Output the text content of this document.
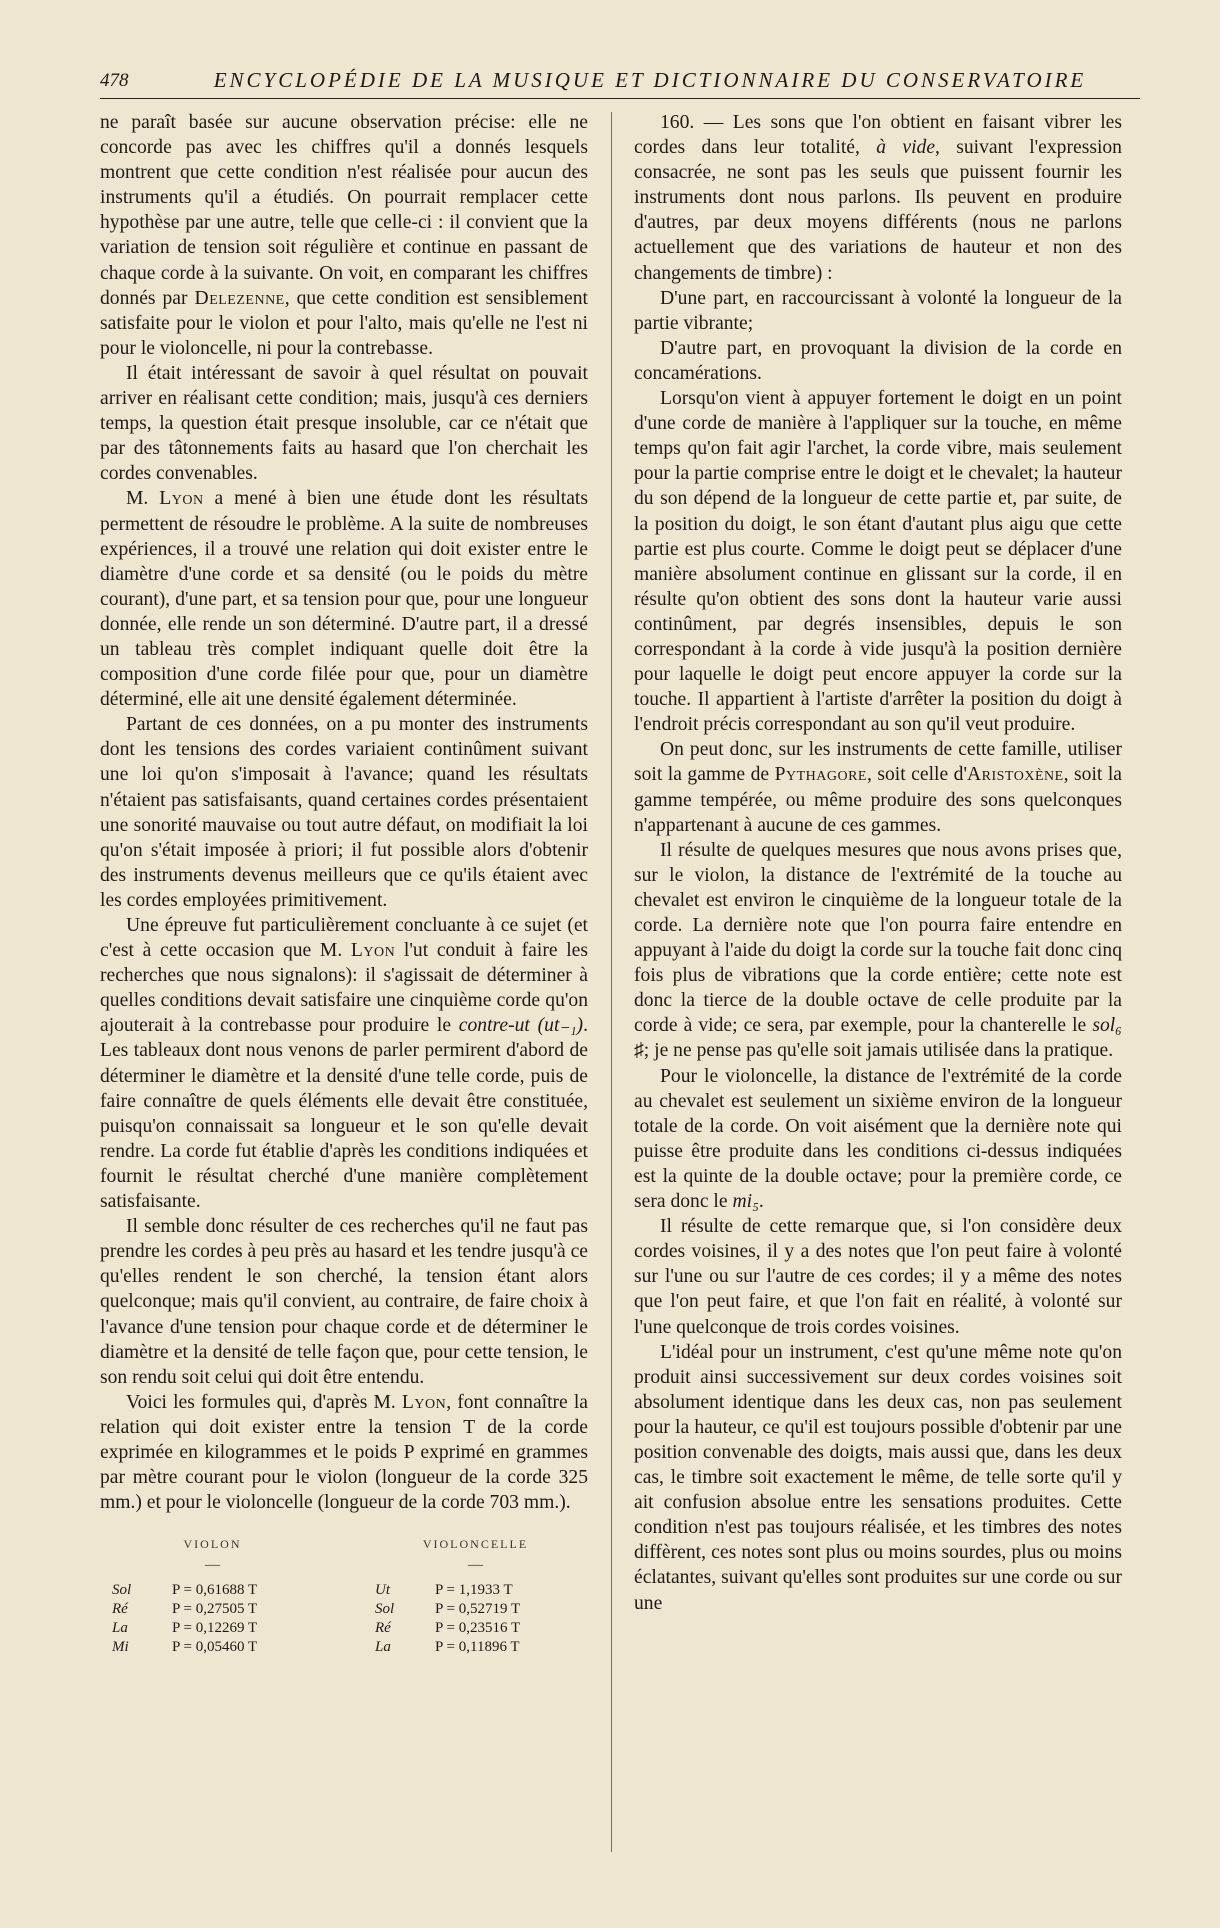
478	ENCYCLOPÉDIE DE LA MUSIQUE ET DICTIONNAIRE DU CONSERVATOIRE

ne paraît basée sur aucune observation précise: elle ne concorde pas avec les chiffres qu'il a donnés lesquels montrent que cette condition n'est réalisée pour aucun des instruments qu'il a étudiés. On pourrait remplacer cette hypothèse par une autre, telle que celle-ci : il convient que la variation de tension soit régulière et continue en passant de chaque corde à la suivante. On voit, en comparant les chiffres donnés par Delezenne, que cette condition est sensiblement satisfaite pour le violon et pour l'alto, mais qu'elle ne l'est ni pour le violoncelle, ni pour la contrebasse.

Il était intéressant de savoir à quel résultat on pouvait arriver en réalisant cette condition; mais, jusqu'à ces derniers temps, la question était presque insoluble, car ce n'était que par des tâtonnements faits au hasard que l'on cherchait les cordes convenables.

M. Lyon a mené à bien une étude dont les résultats permettent de résoudre le problème. A la suite de nombreuses expériences, il a trouvé une relation qui doit exister entre le diamètre d'une corde et sa densité (ou le poids du mètre courant), d'une part, et sa tension pour que, pour une longueur donnée, elle rende un son déterminé. D'autre part, il a dressé un tableau très complet indiquant quelle doit être la composition d'une corde filée pour que, pour un diamètre déterminé, elle ait une densité également déterminée.

Partant de ces données, on a pu monter des instruments dont les tensions des cordes variaient continûment suivant une loi qu'on s'imposait à l'avance; quand les résultats n'étaient pas satisfaisants, quand certaines cordes présentaient une sonorité mauvaise ou tout autre défaut, on modifiait la loi qu'on s'était imposée à priori; il fut possible alors d'obtenir des instruments devenus meilleurs que ce qu'ils étaient avec les cordes employées primitivement.

Une épreuve fut particulièrement concluante à ce sujet (et c'est à cette occasion que M. Lyon l'ut conduit à faire les recherches que nous signalons): il s'agissait de déterminer à quelles conditions devait satisfaire une cinquième corde qu'on ajouterait à la contrebasse pour produire le contre-ut (ut₋₁). Les tableaux dont nous venons de parler permirent d'abord de déterminer le diamètre et la densité d'une telle corde, puis de faire connaître de quels éléments elle devait être constituée, puisqu'on connaissait sa longueur et le son qu'elle devait rendre. La corde fut établie d'après les conditions indiquées et fournit le résultat cherché d'une manière complètement satisfaisante.

Il semble donc résulter de ces recherches qu'il ne faut pas prendre les cordes à peu près au hasard et les tendre jusqu'à ce qu'elles rendent le son cherché, la tension étant alors quelconque; mais qu'il convient, au contraire, de faire choix à l'avance d'une tension pour chaque corde et de déterminer le diamètre et la densité de telle façon que, pour cette tension, le son rendu soit celui qui doit être entendu.

Voici les formules qui, d'après M. Lyon, font connaître la relation qui doit exister entre la tension T de la corde exprimée en kilogrammes et le poids P exprimé en grammes par mètre courant pour le violon (longueur de la corde 325 mm.) et pour le violoncelle (longueur de la corde 703 mm.).

VIOLON
—
Sol	P = 0,61688 T
Ré	P = 0,27505 T
La	P = 0,12269 T
Mi	P = 0,05460 T
VIOLONCELLE
—
Ut	P = 1,1933 T
Sol	P = 0,52719 T
Ré	P = 0,23516 T
La	P = 0,11896 T

160. — Les sons que l'on obtient en faisant vibrer les cordes dans leur totalité, à vide, suivant l'expression consacrée, ne sont pas les seuls que puissent fournir les instruments dont nous parlons. Ils peuvent en produire d'autres, par deux moyens différents (nous ne parlons actuellement que des variations de hauteur et non des changements de timbre) :

D'une part, en raccourcissant à volonté la longueur de la partie vibrante;

D'autre part, en provoquant la division de la corde en concamérations.

Lorsqu'on vient à appuyer fortement le doigt en un point d'une corde de manière à l'appliquer sur la touche, en même temps qu'on fait agir l'archet, la corde vibre, mais seulement pour la partie comprise entre le doigt et le chevalet; la hauteur du son dépend de la longueur de cette partie et, par suite, de la position du doigt, le son étant d'autant plus aigu que cette partie est plus courte. Comme le doigt peut se déplacer d'une manière absolument continue en glissant sur la corde, il en résulte qu'on obtient des sons dont la hauteur varie aussi continûment, par degrés insensibles, depuis le son correspondant à la corde à vide jusqu'à la position dernière pour laquelle le doigt peut encore appuyer la corde sur la touche. Il appartient à l'artiste d'arrêter la position du doigt à l'endroit précis correspondant au son qu'il veut produire.

On peut donc, sur les instruments de cette famille, utiliser soit la gamme de Pythagore, soit celle d'Aristoxène, soit la gamme tempérée, ou même produire des sons quelconques n'appartenant à aucune de ces gammes.

Il résulte de quelques mesures que nous avons prises que, sur le violon, la distance de l'extrémité de la touche au chevalet est environ le cinquième de la longueur totale de la corde. La dernière note que l'on pourra faire entendre en appuyant à l'aide du doigt la corde sur la touche fait donc cinq fois plus de vibrations que la corde entière; cette note est donc la tierce de la double octave de celle produite par la corde à vide; ce sera, par exemple, pour la chanterelle le sol₆ ♯; je ne pense pas qu'elle soit jamais utilisée dans la pratique.

Pour le violoncelle, la distance de l'extrémité de la corde au chevalet est seulement un sixième environ de la longueur totale de la corde. On voit aisément que la dernière note qui puisse être produite dans les conditions ci-dessus indiquées est la quinte de la double octave; pour la première corde, ce sera donc le mi₅.

Il résulte de cette remarque que, si l'on considère deux cordes voisines, il y a des notes que l'on peut faire à volonté sur l'une ou sur l'autre de ces cordes; il y a même des notes que l'on peut faire, et que l'on fait en réalité, à volonté sur l'une quelconque de trois cordes voisines.

L'idéal pour un instrument, c'est qu'une même note qu'on produit ainsi successivement sur deux cordes voisines soit absolument identique dans les deux cas, non pas seulement pour la hauteur, ce qu'il est toujours possible d'obtenir par une position convenable des doigts, mais aussi que, dans les deux cas, le timbre soit exactement le même, de telle sorte qu'il y ait confusion absolue entre les sensations produites. Cette condition n'est pas toujours réalisée, et les timbres des notes diffèrent, ces notes sont plus ou moins sourdes, plus ou moins éclatantes, suivant qu'elles sont produites sur une corde ou sur une
